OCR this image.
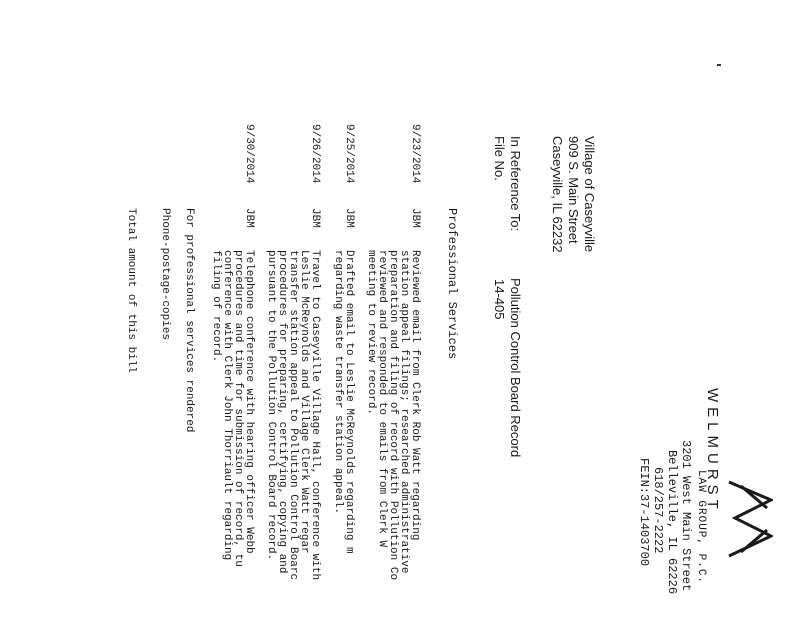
WELMURST
LAW GROUP, P.C.
3201 West Main Street
Belleville, IL 62226
618/257-2222
FEIN:37-1403700
Village of Caseyville
909 S. Main Street
Caseyville, IL 62232
In Reference To:
Pollution Control Board Record
File No.
14-405
Professional Services
9/23/2014
JBM
Reviewed email from Clerk Rob Watt regarding
station appeal filings; researched administrative
preparation and filing of record with Pollution Co
reviewed and responded to emails from Clerk W
meeting to review record.
9/25/2014
JBM
Drafted email to Leslie McReynolds regarding m
regarding waste transfer station appeal.
9/26/2014
JBM
Travel to Caseyville Village Hall, conference with
Leslie McReynolds and Village Clerk Watt regar
transfer station appeal to Pollution Control Boarc
procedures for preparing, certifying, copying and
pursuant to the Pollution Control Board record.
9/30/2014
JBM
Telephone conference with hearing officer Webb
procedures and time for submission of record, tu
conference with Clerk John Thorriault regarding
filing of record.
For professional services rendered
Phone-postage-copies
Total amount of this bill
